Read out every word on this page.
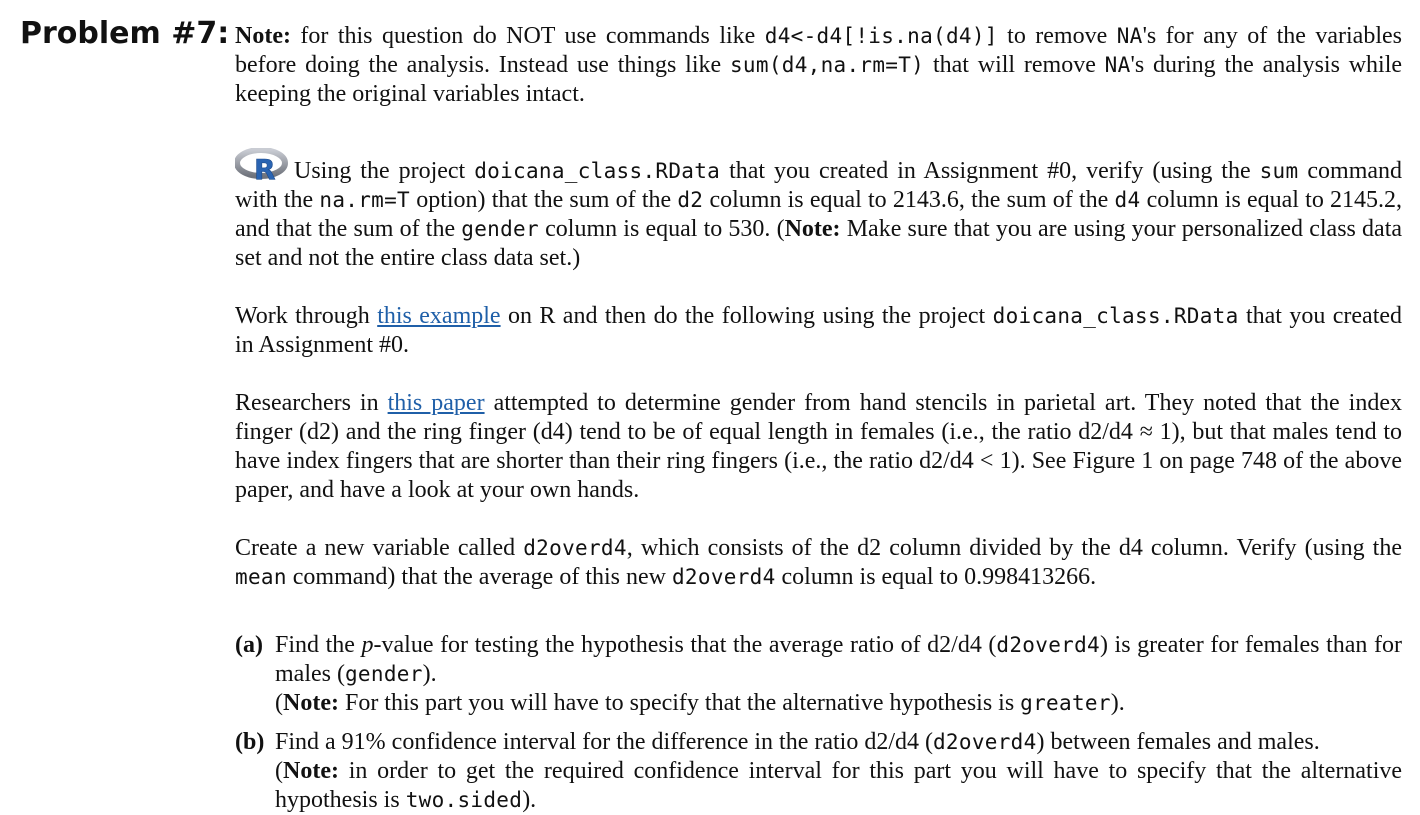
Problem #7: Note: for this question do NOT use commands like d4<-d4[!is.na(d4)] to remove NA's for any of the variables before doing the analysis. Instead use things like sum(d4,na.rm=T) that will remove NA's during the analysis while keeping the original variables intact.

R Using the project doicana_class.RData that you created in Assignment #0, verify (using the sum command with the na.rm=T option) that the sum of the d2 column is equal to 2143.6, the sum of the d4 column is equal to 2145.2, and that the sum of the gender column is equal to 530. (Note: Make sure that you are using your personalized class data set and not the entire class data set.)

Work through this example on R and then do the following using the project doicana_class.RData that you created in Assignment #0.

Researchers in this paper attempted to determine gender from hand stencils in parietal art. They noted that the index finger (d2) and the ring finger (d4) tend to be of equal length in females (i.e., the ratio d2/d4 ≈ 1), but that males tend to have index fingers that are shorter than their ring fingers (i.e., the ratio d2/d4 < 1). See Figure 1 on page 748 of the above paper, and have a look at your own hands.

Create a new variable called d2overd4, which consists of the d2 column divided by the d4 column. Verify (using the mean command) that the average of this new d2overd4 column is equal to 0.998413266.

(a) Find the p-value for testing the hypothesis that the average ratio of d2/d4 (d2overd4) is greater for females than for males (gender).

(Note: For this part you will have to specify that the alternative hypothesis is greater).

(b) Find a 91% confidence interval for the difference in the ratio d2/d4 (d2overd4) between females and males.

(Note: in order to get the required confidence interval for this part you will have to specify that the alternative hypothesis is two.sided).
